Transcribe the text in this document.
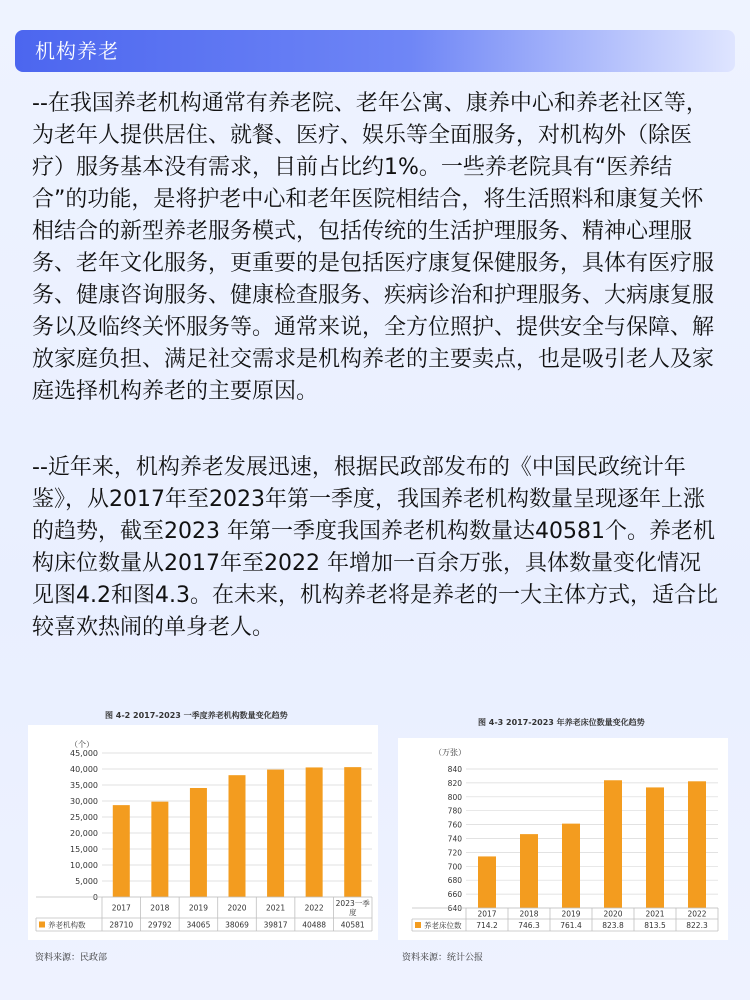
机构养老

--在我国养老机构通常有养老院、老年公寓、康养中心和养老社区等，为老年人提供居住、就餐、医疗、娱乐等全面服务，对机构外（除医疗）服务基本没有需求，目前占比约1%。一些养老院具有“医养结合”的功能，是将护老中心和老年医院相结合，将生活照料和康复关怀相结合的新型养老服务模式，包括传统的生活护理服务、精神心理服务、老年文化服务，更重要的是包括医疗康复保健服务，具体有医疗服务、健康咨询服务、健康检查服务、疾病诊治和护理服务、大病康复服务以及临终关怀服务等。通常来说，全方位照护、提供安全与保障、解放家庭负担、满足社交需求是机构养老的主要卖点，也是吸引老人及家庭选择机构养老的主要原因。

--近年来，机构养老发展迅速，根据民政部发布的《中国民政统计年鉴》，从2017年至2023年第一季度，我国养老机构数量呈现逐年上涨的趋势，截至2023 年第一季度我国养老机构数量达40581个。养老机构床位数量从2017年至2022 年增加一百余万张，具体数量变化情况见图4.2和图4.3。在未来，机构养老将是养老的一大主体方式，适合比较喜欢热闹的单身老人。

图 4-2 2017-2023 一季度养老机构数量变化趋势
图 4-3 2017-2023 年养老床位数量变化趋势
（个）
0
5,000
10,000
15,000
20,000
25,000
30,000
35,000
40,000
45,000
2017	2018	2019	2020	2021	2022 2023一季
度
养老机构数	28710 29792 34065 38069 39817 40488 40581
（万张）
640
660
680
700
720
740
760
780
800
820
840
2017	2018	2019	2020	2021	2022
养老床位数 714.2	746.3	761.4	823.8	813.5	822.3
资料来源：民政部	资料来源：统计公报
